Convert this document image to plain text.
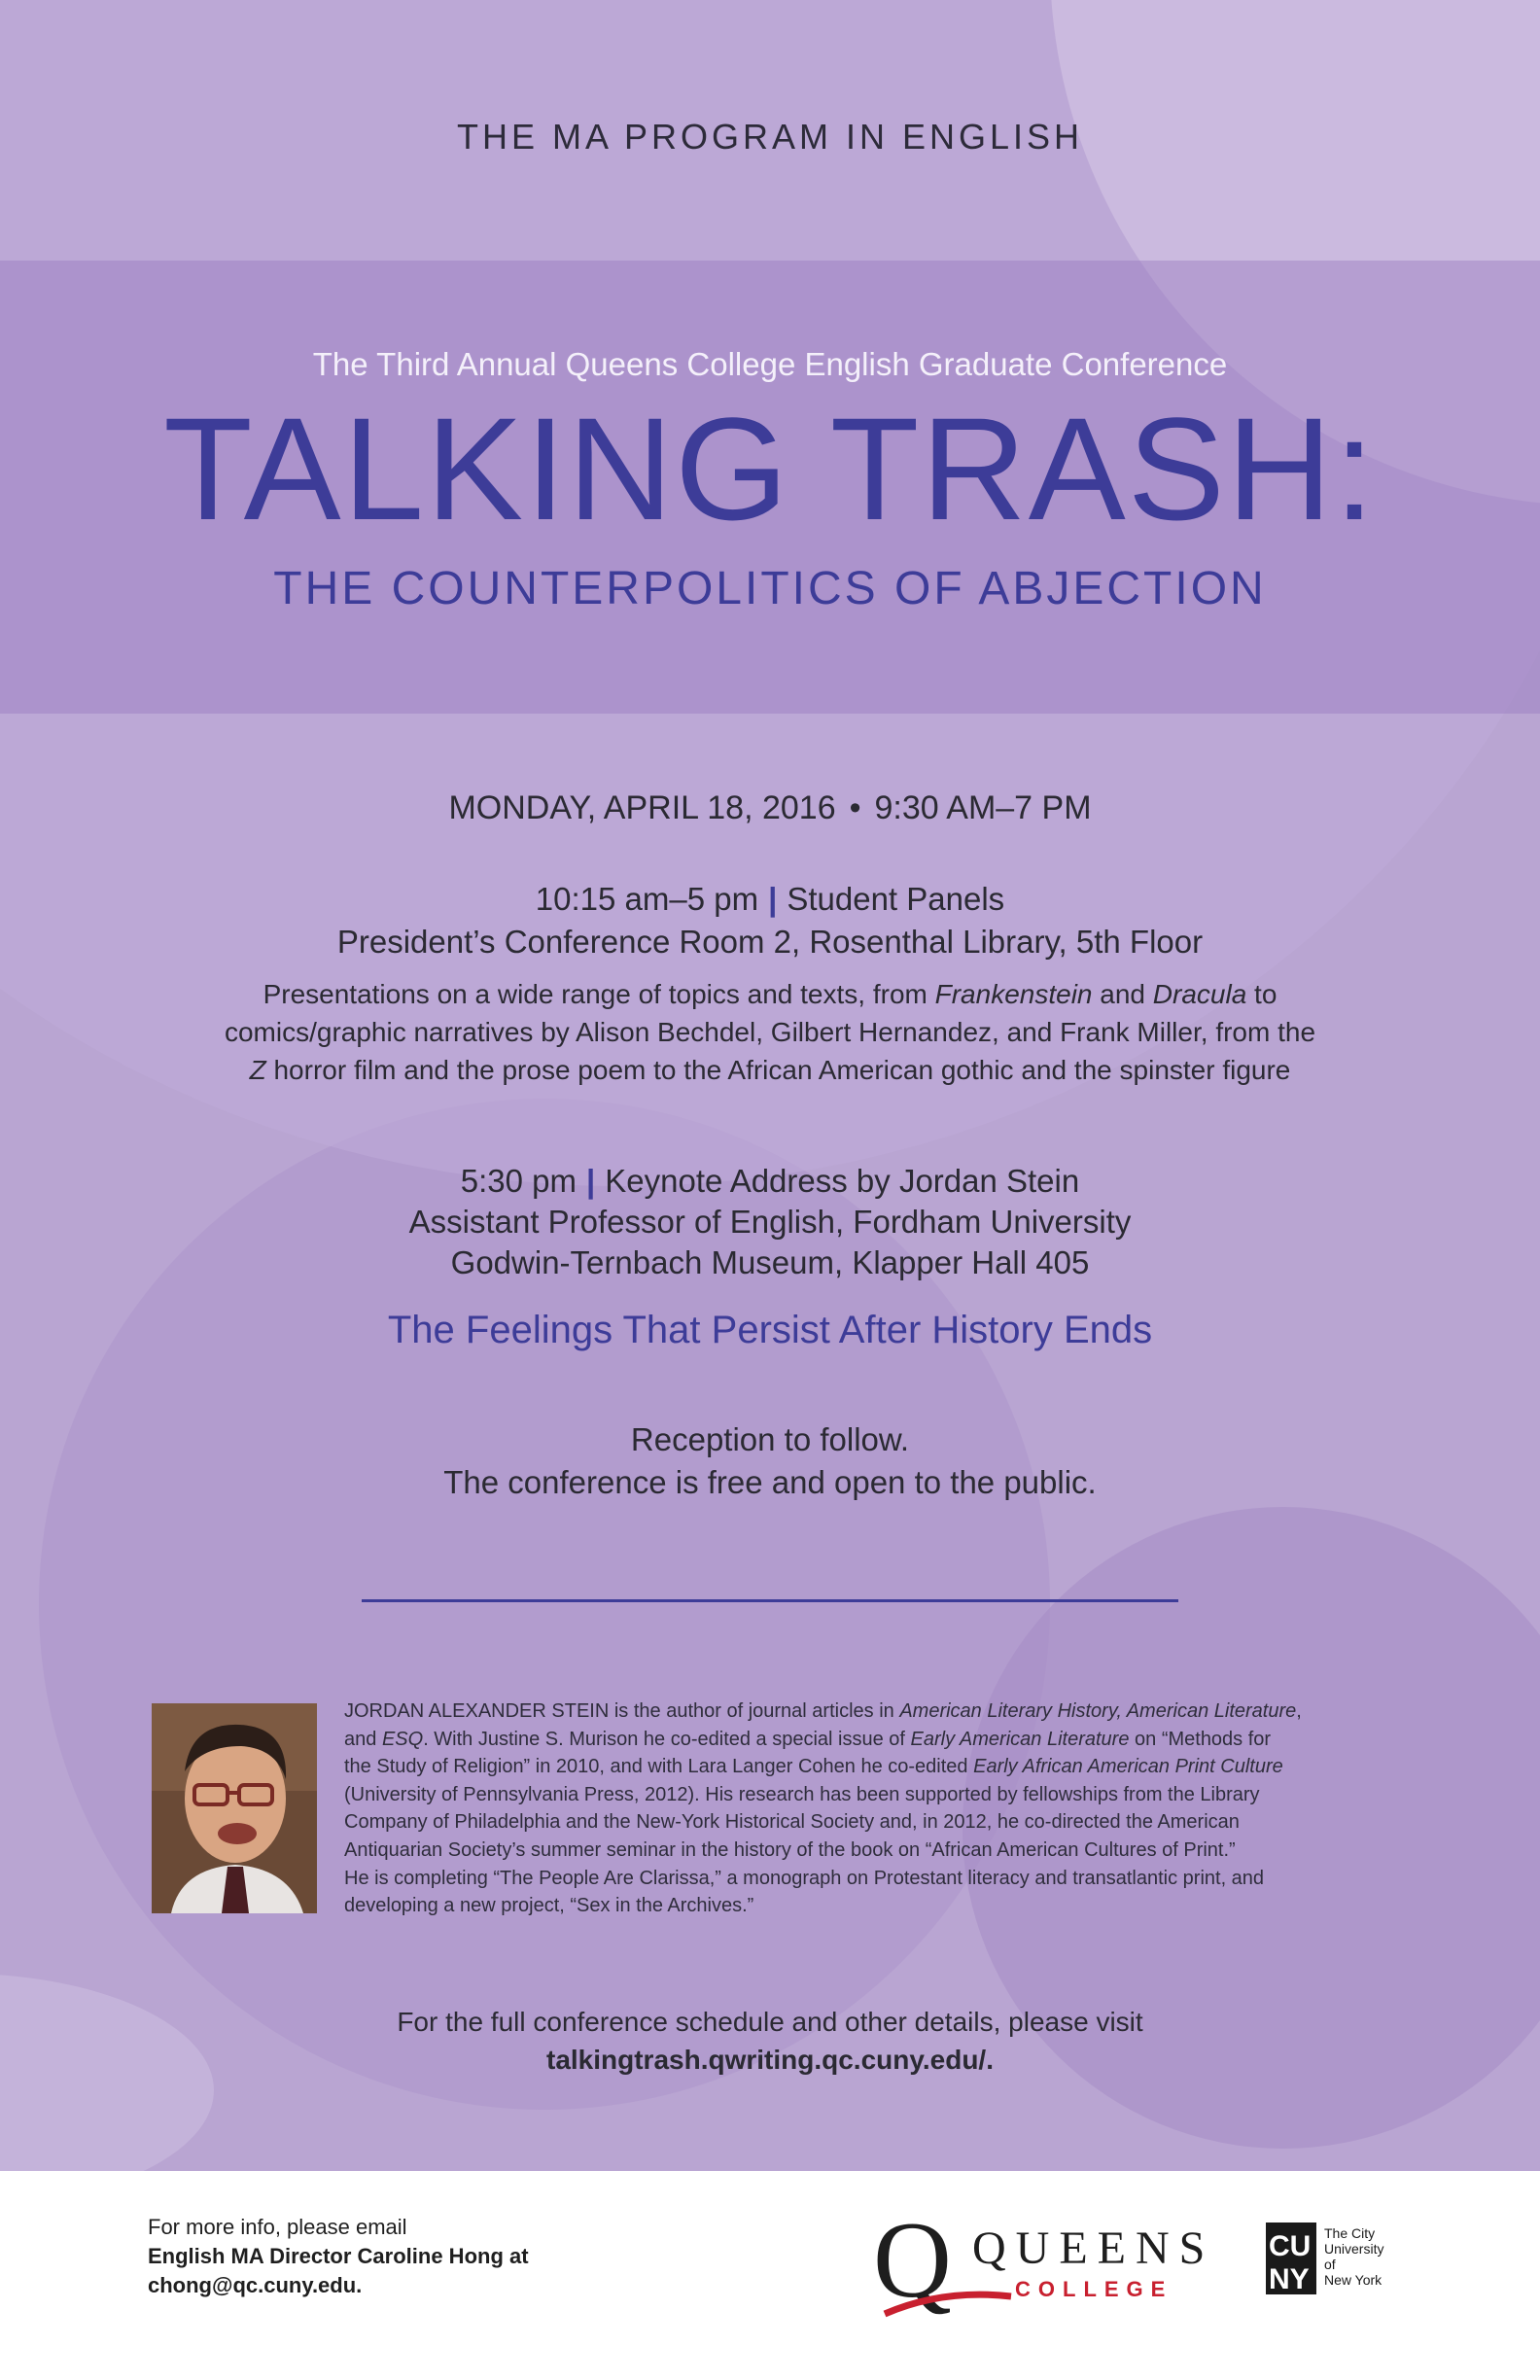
THE MA PROGRAM IN ENGLISH
The Third Annual Queens College English Graduate Conference
TALKING TRASH:
THE COUNTERPOLITICS OF ABJECTION
MONDAY, APRIL 18, 2016 • 9:30 AM–7 PM
10:15 am–5 pm | Student Panels
President’s Conference Room 2, Rosenthal Library, 5th Floor
Presentations on a wide range of topics and texts, from Frankenstein and Dracula to
comics/graphic narratives by Alison Bechdel, Gilbert Hernandez, and Frank Miller, from the
Z horror film and the prose poem to the African American gothic and the spinster figure
5:30 pm | Keynote Address by Jordan Stein
Assistant Professor of English, Fordham University
Godwin-Ternbach Museum, Klapper Hall 405
The Feelings That Persist After History Ends
Reception to follow.
The conference is free and open to the public.
JORDAN ALEXANDER STEIN is the author of journal articles in American Literary History, American Literature,
and ESQ. With Justine S. Murison he co-edited a special issue of Early American Literature on “Methods for
the Study of Religion” in 2010, and with Lara Langer Cohen he co-edited Early African American Print Culture
(University of Pennsylvania Press, 2012). His research has been supported by fellowships from the Library
Company of Philadelphia and the New-York Historical Society and, in 2012, he co-directed the American
Antiquarian Society’s summer seminar in the history of the book on “African American Cultures of Print.”
He is completing “The People Are Clarissa,” a monograph on Protestant literacy and transatlantic print, and
developing a new project, “Sex in the Archives.”
For the full conference schedule and other details, please visit
talkingtrash.qwriting.qc.cuny.edu/.
For more info, please email
English MA Director Caroline Hong at
chong@qc.cuny.edu.	Q QUEENS
COLLEGE
CU
NY
The City
University
of
New York
